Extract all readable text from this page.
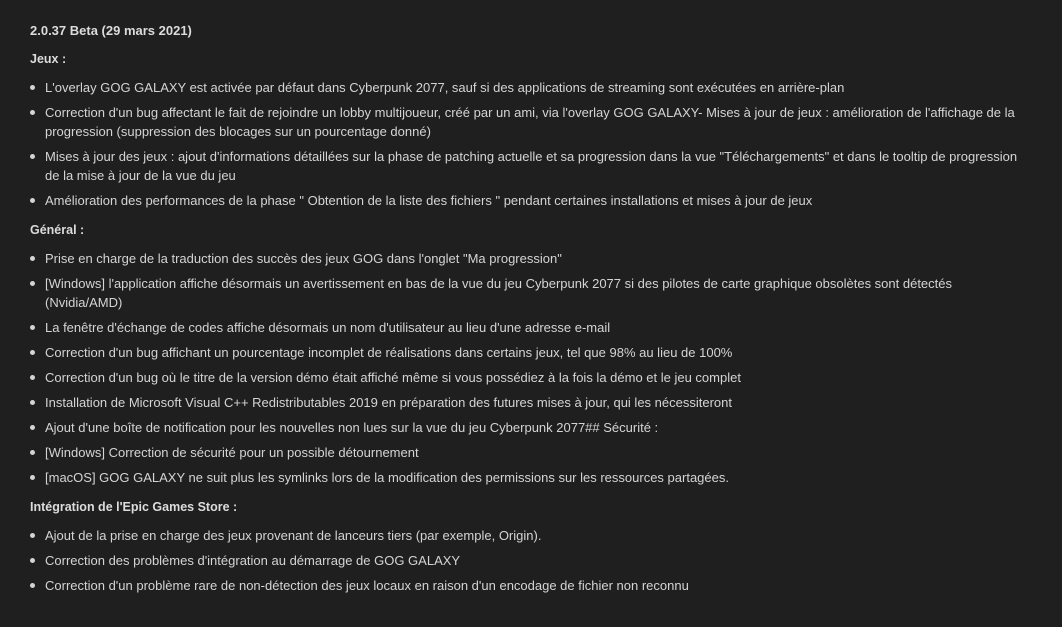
2.0.37 Beta (29 mars 2021)
Jeux :
L'overlay GOG GALAXY est activée par défaut dans Cyberpunk 2077, sauf si des applications de streaming sont exécutées en arrière-plan
Correction d'un bug affectant le fait de rejoindre un lobby multijoueur, créé par un ami, via l'overlay GOG GALAXY- Mises à jour de jeux : amélioration de l'affichage de la progression (suppression des blocages sur un pourcentage donné)
Mises à jour des jeux : ajout d'informations détaillées sur la phase de patching actuelle et sa progression dans la vue "Téléchargements" et dans le tooltip de progression de la mise à jour de la vue du jeu
Amélioration des performances de la phase " Obtention de la liste des fichiers " pendant certaines installations et mises à jour de jeux
Général :
Prise en charge de la traduction des succès des jeux GOG dans l'onglet "Ma progression"
[Windows] l'application affiche désormais un avertissement en bas de la vue du jeu Cyberpunk 2077 si des pilotes de carte graphique obsolètes sont détectés (Nvidia/AMD)
La fenêtre d'échange de codes affiche désormais un nom d'utilisateur au lieu d'une adresse e-mail
Correction d'un bug affichant un pourcentage incomplet de réalisations dans certains jeux, tel que 98% au lieu de 100%
Correction d'un bug où le titre de la version démo était affiché même si vous possédiez à la fois la démo et le jeu complet
Installation de Microsoft Visual C++ Redistributables 2019 en préparation des futures mises à jour, qui les nécessiteront
Ajout d'une boîte de notification pour les nouvelles non lues sur la vue du jeu Cyberpunk 2077## Sécurité :
[Windows] Correction de sécurité pour un possible détournement
[macOS] GOG GALAXY ne suit plus les symlinks lors de la modification des permissions sur les ressources partagées.
Intégration de l'Epic Games Store :
Ajout de la prise en charge des jeux provenant de lanceurs tiers (par exemple, Origin).
Correction des problèmes d'intégration au démarrage de GOG GALAXY
Correction d'un problème rare de non-détection des jeux locaux en raison d'un encodage de fichier non reconnu
